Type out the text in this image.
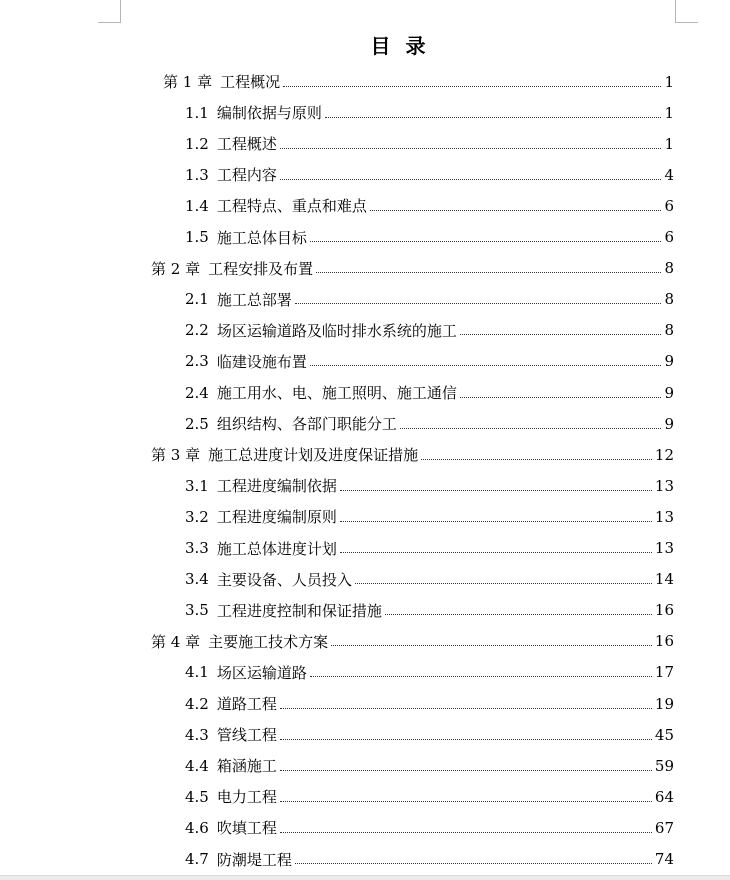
目 录
第 1 章 工程概况	1
1.1 编制依据与原则	1
1.2 工程概述	1
1.3 工程内容	4
1.4 工程特点、重点和难点	6
1.5 施工总体目标	6
第 2 章 工程安排及布置	8
2.1 施工总部署	8
2.2 场区运输道路及临时排水系统的施工	8
2.3 临建设施布置	9
2.4 施工用水、电、施工照明、施工通信	9
2.5 组织结构、各部门职能分工	9
第 3 章 施工总进度计划及进度保证措施	12
3.1 工程进度编制依据	13
3.2 工程进度编制原则	13
3.3 施工总体进度计划	13
3.4 主要设备、人员投入	14
3.5 工程进度控制和保证措施	16
第 4 章 主要施工技术方案	16
4.1 场区运输道路	17
4.2 道路工程	19
4.3 管线工程	45
4.4 箱涵施工	59
4.5 电力工程	64
4.6 吹填工程	67
4.7 防潮堤工程	74
